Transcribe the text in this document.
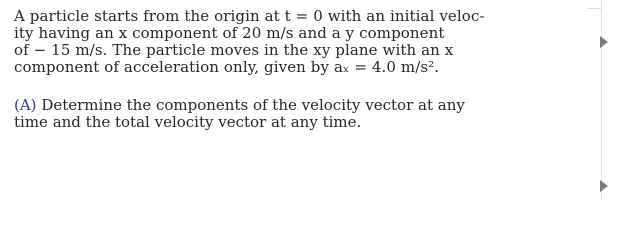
A particle starts from the origin at t = 0 with an initial veloc-
ity having an x component of 20 m/s and a y component
of − 15 m/s. The particle moves in the xy plane with an x
component of acceleration only, given by aₓ = 4.0 m/s².
(A) Determine the components of the velocity vector at any
time and the total velocity vector at any time.
